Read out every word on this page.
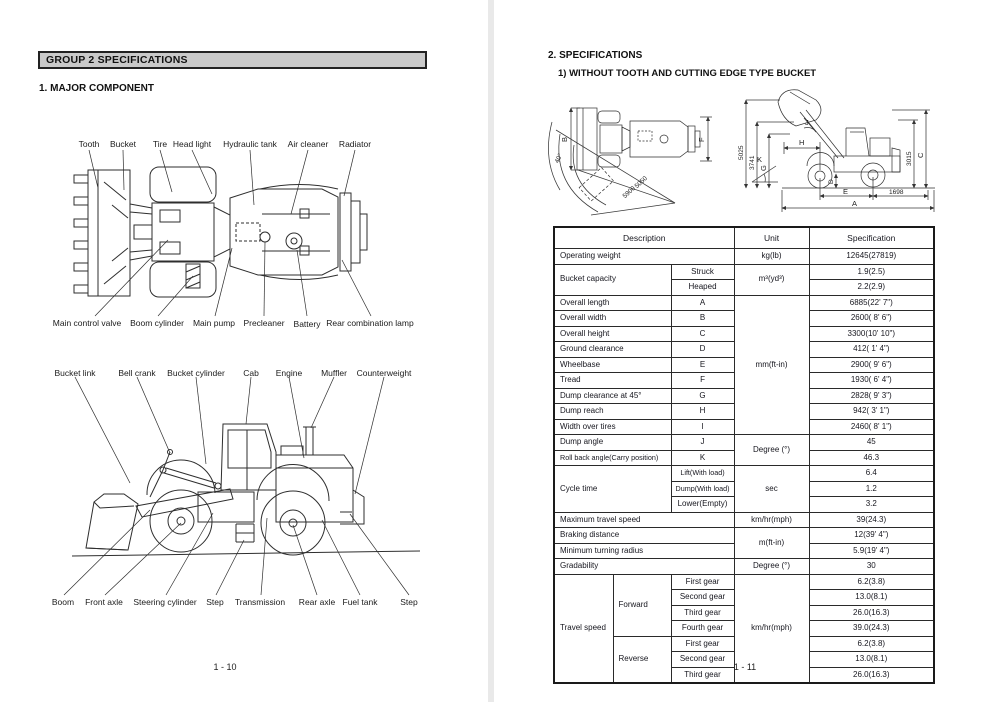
GROUP 2 SPECIFICATIONS
1. MAJOR COMPONENT
Tooth Bucket Tire Head light Hydraulic tank Air cleaner Radiator
Main control valve Boom cylinder Main pump Precleaner Battery Rear combination lamp
Bucket link	Bell crank Bucket cylinder Cab Engine Muffler Counterweight
Boom Front axle Steering cylinder Step Transmission Rear axle Fuel tank	Step
1 - 10
2. SPECIFICATIONS
1) WITHOUT TOOTH AND CUTTING EDGE TYPE BUCKET
B	F
40°
5050
5900
5025
3741 G
K
H
J
D
E	1698
A
3015 C
Description			Unit	Specification
Operating weight			kg(lb)	12645(27819)
Bucket capacity		Struck	m³(yd³)	1.9(2.5)
		Heaped		2.2(2.9)
Overall length		A	mm(ft-in)	6885(22' 7")
Overall width		B		2600( 8' 6")
Overall height		C		3300(10' 10")
Ground clearance		D		412( 1' 4")
Wheelbase		E		2900( 9' 6")
Tread		F		1930( 6' 4")
Dump clearance at 45°		G		2828( 9' 3")
Dump reach		H		942( 3' 1")
Width over tires		I		2460( 8' 1")
Dump angle		J	Degree (°)	45
Roll back angle(Carry position)		K		46.3
Cycle time		Lift(With load)	sec	6.4
		Dump(With load)		1.2
		Lower(Empty)		3.2
Maximum travel speed			km/hr(mph)	39(24.3)
Braking distance			m(ft-in)	12(39' 4")
Minimum turning radius				5.9(19' 4")
Gradability			Degree (°)	30
Travel speed	Forward	First gear	km/hr(mph)	6.2(3.8)
		Second gear		13.0(8.1)
		Third gear		26.0(16.3)
		Fourth gear		39.0(24.3)
	Reverse	First gear		6.2(3.8)
		Second gear		13.0(8.1)
		Third gear		26.0(16.3)
1 - 11
